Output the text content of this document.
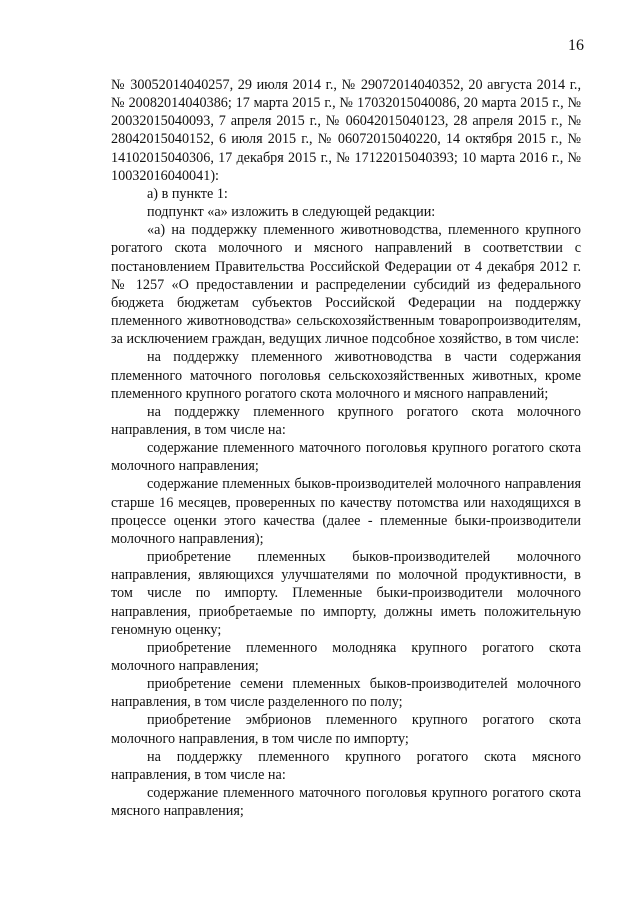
16

№ 30052014040257, 29 июля 2014 г., № 29072014040352, 20 августа 2014 г., № 20082014040386; 17 марта 2015 г., № 17032015040086, 20 марта 2015 г., № 20032015040093, 7 апреля 2015 г., № 06042015040123, 28 апреля 2015 г., № 28042015040152, 6 июля 2015 г., № 06072015040220, 14 октября 2015 г., № 14102015040306, 17 декабря 2015 г., № 17122015040393; 10 марта 2016 г., № 10032016040041):

а) в пункте 1:

подпункт «а» изложить в следующей редакции:

«а) на поддержку племенного животноводства, племенного крупного рогатого скота молочного и мясного направлений в соответствии с постановлением Правительства Российской Федерации от 4 декабря 2012 г. № 1257 «О предоставлении и распределении субсидий из федерального бюджета бюджетам субъектов Российской Федерации на поддержку племенного животноводства» сельскохозяйственным товаропроизводителям, за исключением граждан, ведущих личное подсобное хозяйство, в том числе:

на поддержку племенного животноводства в части содержания племенного маточного поголовья сельскохозяйственных животных, кроме племенного крупного рогатого скота молочного и мясного направлений;

на поддержку племенного крупного рогатого скота молочного направления, в том числе на:

содержание племенного маточного поголовья крупного рогатого скота молочного направления;

содержание племенных быков-производителей молочного направления старше 16 месяцев, проверенных по качеству потомства или находящихся в процессе оценки этого качества (далее - племенные быки-производители молочного направления);

приобретение племенных быков-производителей молочного направления, являющихся улучшателями по молочной продуктивности, в том числе по импорту. Племенные быки-производители молочного направления, приобретаемые по импорту, должны иметь положительную геномную оценку;

приобретение племенного молодняка крупного рогатого скота молочного направления;

приобретение семени племенных быков-производителей молочного направления, в том числе разделенного по полу;

приобретение эмбрионов племенного крупного рогатого скота молочного направления, в том числе по импорту;

на поддержку племенного крупного рогатого скота мясного направления, в том числе на:

содержание племенного маточного поголовья крупного рогатого скота мясного направления;
